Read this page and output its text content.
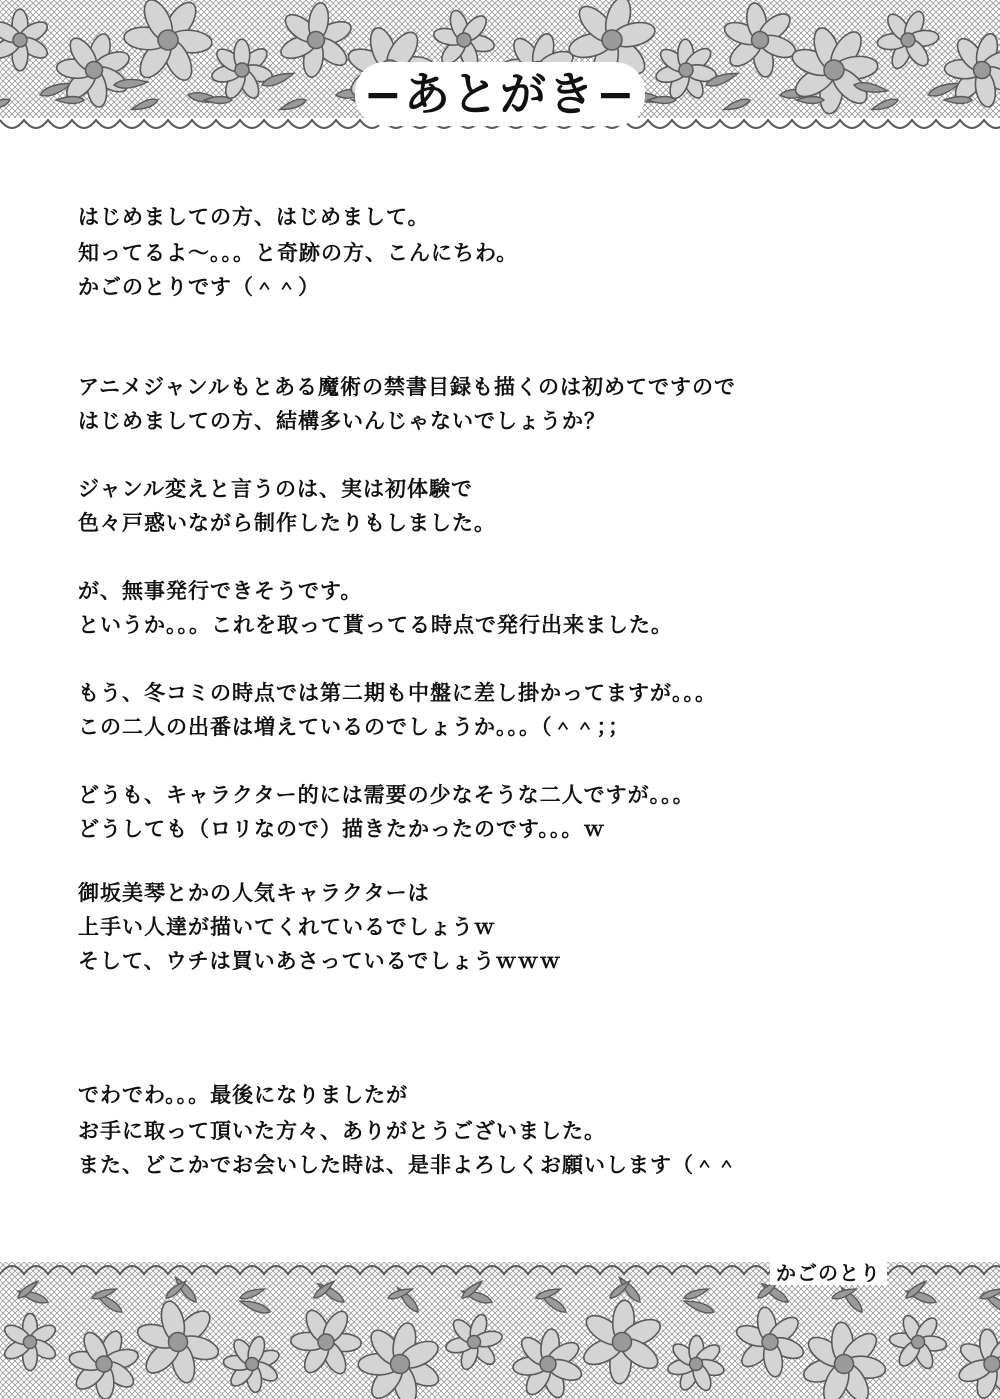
−あとがき−
はじめましての方、はじめまして。
知ってるよ〜。。。と奇跡の方、こんにちわ。
かごのとりです（＾＾）
アニメジャンルもとある魔術の禁書目録も描くのは初めてですので
はじめましての方、結構多いんじゃないでしょうか？
ジャンル変えと言うのは、実は初体験で
色々戸惑いながら制作したりもしました。
が、無事発行できそうです。
というか。。。これを取って貰ってる時点で発行出来ました。
もう、冬コミの時点では第二期も中盤に差し掛かってますが。。。
この二人の出番は増えているのでしょうか。。。（＾＾；；
どうも、キャラクター的には需要の少なそうな二人ですが。。。
どうしても（ロリなので）描きたかったのです。。。ｗ
御坂美琴とかの人気キャラクターは
上手い人達が描いてくれているでしょうｗ
そして、ウチは買いあさっているでしょうｗｗｗ
でわでわ。。。最後になりましたが
お手に取って頂いた方々、ありがとうございました。
また、どこかでお会いした時は、是非よろしくお願いします（＾＾
かごのとり
